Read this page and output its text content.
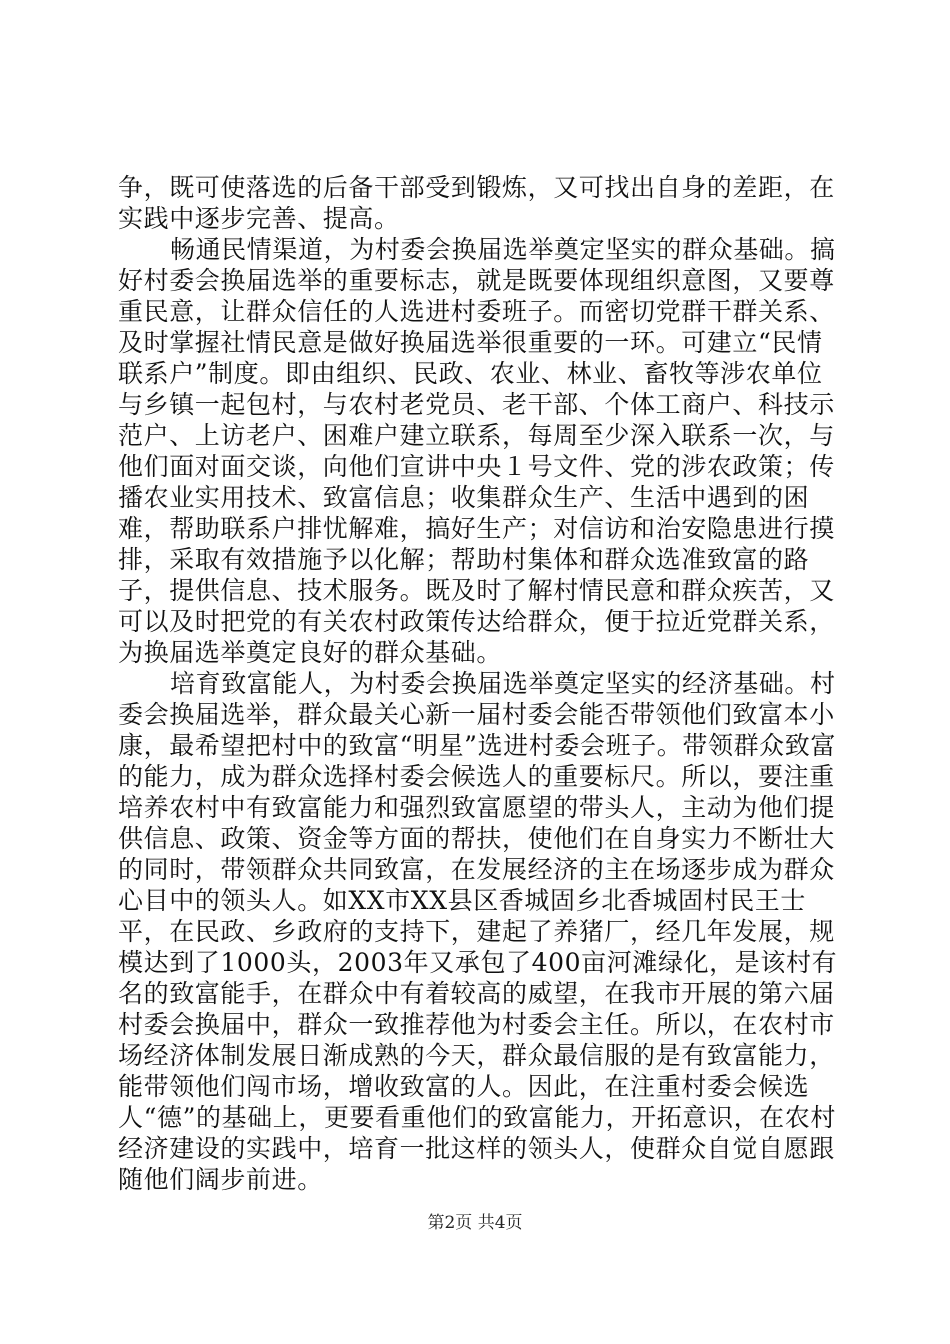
争，既可使落选的后备干部受到锻炼，又可找出自身的差距，在实践中逐步完善、提高。

畅通民情渠道，为村委会换届选举奠定坚实的群众基础。搞好村委会换届选举的重要标志，就是既要体现组织意图，又要尊重民意，让群众信任的人选进村委班子。而密切党群干群关系、及时掌握社情民意是做好换届选举很重要的一环。可建立“民情联系户”制度。即由组织、民政、农业、林业、畜牧等涉农单位与乡镇一起包村，与农村老党员、老干部、个体工商户、科技示范户、上访老户、困难户建立联系，每周至少深入联系一次，与他们面对面交谈，向他们宣讲中央１号文件、党的涉农政策；传播农业实用技术、致富信息；收集群众生产、生活中遇到的困难，帮助联系户排忧解难，搞好生产；对信访和治安隐患进行摸排，采取有效措施予以化解；帮助村集体和群众选准致富的路子，提供信息、技术服务。既及时了解村情民意和群众疾苦，又可以及时把党的有关农村政策传达给群众，便于拉近党群关系，为换届选举奠定良好的群众基础。

培育致富能人，为村委会换届选举奠定坚实的经济基础。村委会换届选举，群众最关心新一届村委会能否带领他们致富本小康，最希望把村中的致富“明星”选进村委会班子。带领群众致富的能力，成为群众选择村委会候选人的重要标尺。所以，要注重培养农村中有致富能力和强烈致富愿望的带头人，主动为他们提供信息、政策、资金等方面的帮扶，使他们在自身实力不断壮大的同时，带领群众共同致富，在发展经济的主在场逐步成为群众心目中的领头人。如XX市XX县区香城固乡北香城固村民王士平，在民政、乡政府的支持下，建起了养猪厂，经几年发展，规模达到了1000头，2003年又承包了400亩河滩绿化，是该村有名的致富能手，在群众中有着较高的威望，在我市开展的第六届村委会换届中，群众一致推荐他为村委会主任。所以，在农村市场经济体制发展日渐成熟的今天，群众最信服的是有致富能力，能带领他们闯市场，增收致富的人。因此，在注重村委会候选人“德”的基础上，更要看重他们的致富能力，开拓意识，在农村经济建设的实践中，培育一批这样的领头人，使群众自觉自愿跟随他们阔步前进。

第2页 共4页
